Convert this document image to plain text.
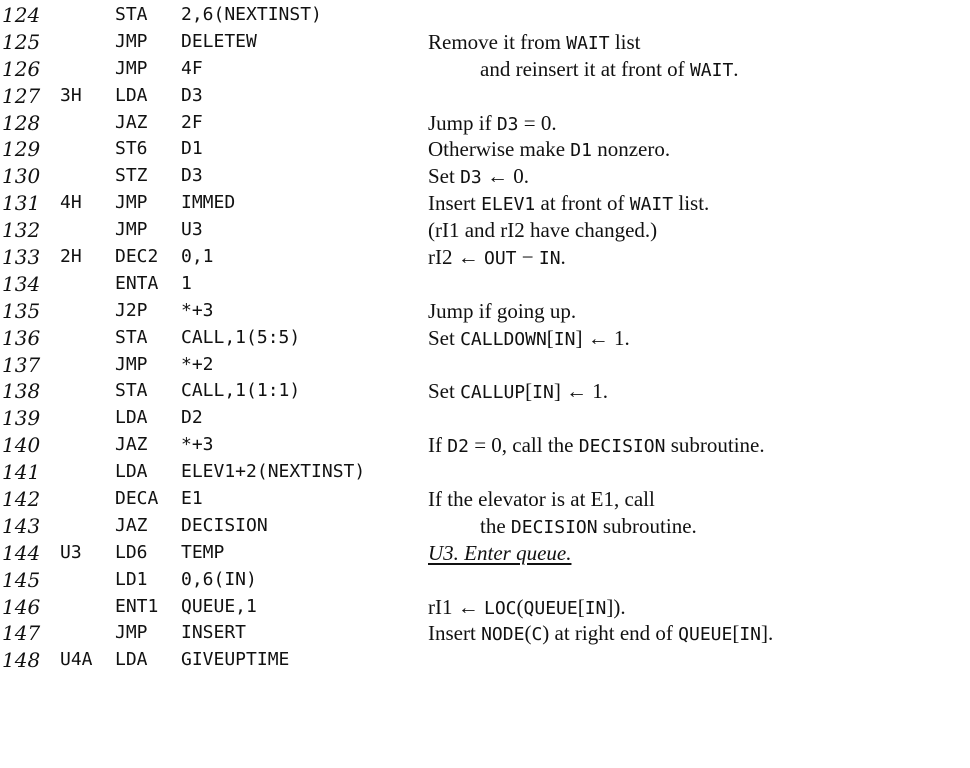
124	STA 2,6(NEXTINST)
125	JMP DELETEW	Remove it from WAIT list
126	JMP 4F	and reinsert it at front of WAIT.
127 3H LDA D3
128	JAZ 2F	Jump if D3 = 0.
129	ST6 D1	Otherwise make D1 nonzero.
130	STZ D3	Set D3 ← 0.
131 4H JMP IMMED	Insert ELEV1 at front of WAIT list.
132	JMP U3	(rI1 and rI2 have changed.)
133 2H DEC2 0,1	rI2 ← OUT − IN.
134	ENTA 1
135	J2P *+3	Jump if going up.
136	STA CALL,1(5:5)	Set CALLDOWN[IN] ← 1.
137	JMP *+2
138	STA CALL,1(1:1)	Set CALLUP[IN] ← 1.
139	LDA D2
140	JAZ *+3	If D2 = 0, call the DECISION subroutine.
141	LDA ELEV1+2(NEXTINST)
142	DECA E1	If the elevator is at E1, call
143	JAZ DECISION	the DECISION subroutine.
144 U3 LD6 TEMP	U3. Enter queue.
145	LD1 0,6(IN)
146	ENT1 QUEUE,1	rI1 ← LOC(QUEUE[IN]).
147	JMP INSERT	Insert NODE(C) at right end of QUEUE[IN].
148 U4A LDA GIVEUPTIME
